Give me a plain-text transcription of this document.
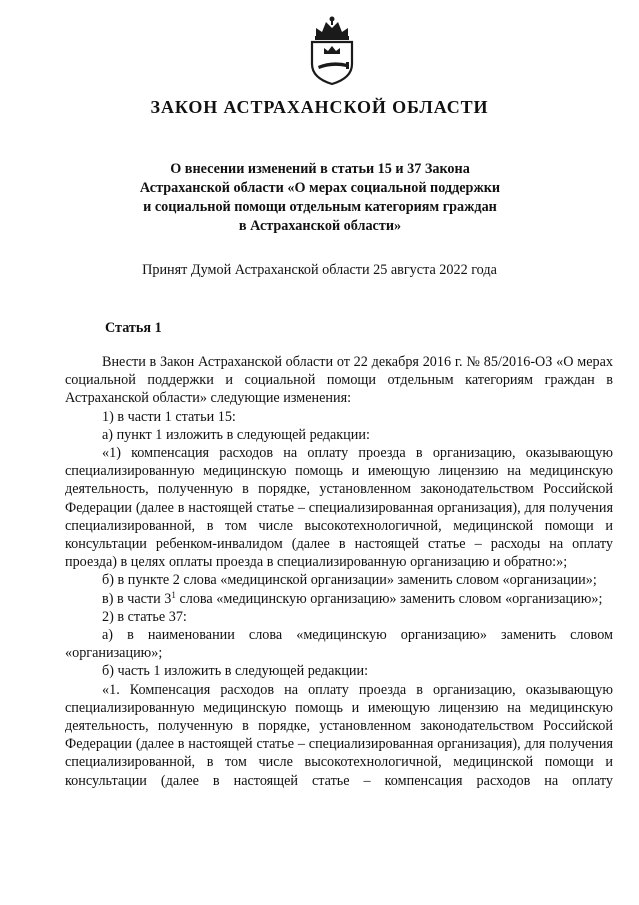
ЗАКОН АСТРАХАНСКОЙ ОБЛАСТИ
О внесении изменений в статьи 15 и 37 Закона
Астраханской области «О мерах социальной поддержки
и социальной помощи отдельным категориям граждан
в Астраханской области»
Принят Думой Астраханской области 25 августа 2022 года
Статья 1

Внести в Закон Астраханской области от 22 декабря 2016 г. № 85/2016-ОЗ «О мерах социальной поддержки и социальной помощи отдельным категориям граждан в Астраханской области» следующие изменения:

1) в части 1 статьи 15:

а) пункт 1 изложить в следующей редакции:

«1) компенсация расходов на оплату проезда в организацию, оказывающую специализированную медицинскую помощь и имеющую лицензию на медицинскую деятельность, полученную в порядке, установленном законодательством Российской Федерации (далее в настоящей статье – специализированная организация), для получения специализированной, в том числе высокотехнологичной, медицинской помощи и консультации ребенком-инвалидом (далее в настоящей статье – расходы на оплату проезда) в целях оплаты проезда в специализированную организацию и обратно:»;

б) в пункте 2 слова «медицинской организации» заменить словом «организации»;

в) в части $3^1$ слова «медицинскую организацию» заменить словом «организацию»;

2) в статье 37:

а) в наименовании слова «медицинскую организацию» заменить словом «организацию»;

б) часть 1 изложить в следующей редакции:

«1. Компенсация расходов на оплату проезда в организацию, оказывающую специализированную медицинскую помощь и имеющую лицензию на медицинскую деятельность, полученную в порядке, установленном законодательством Российской Федерации (далее в настоящей статье – специализированная организация), для получения специализированной, в том числе высокотехнологичной, медицинской помощи и консультации (далее в настоящей статье – компенсация расходов на оплату
